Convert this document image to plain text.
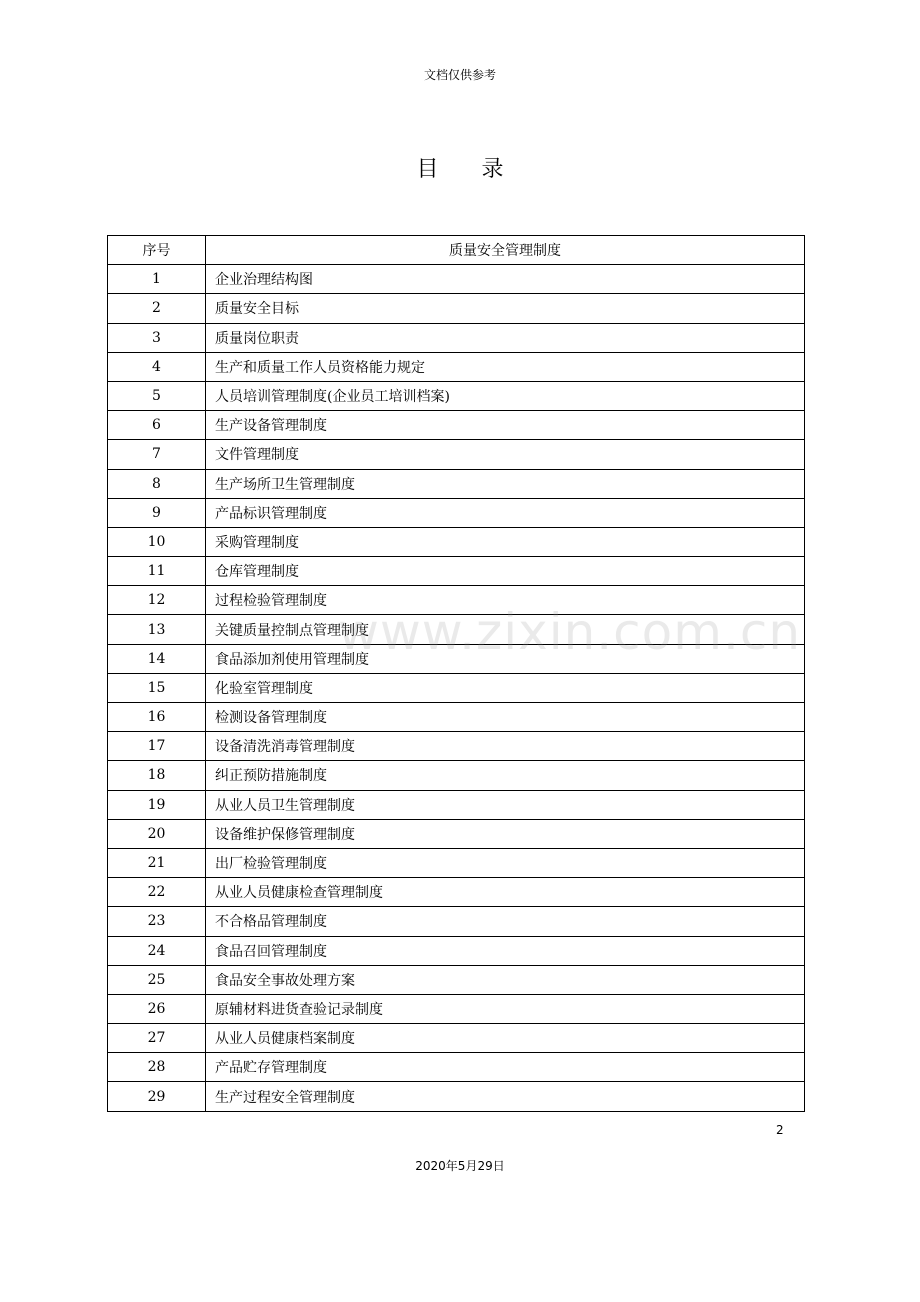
文档仅供参考
目 录
序号	质量安全管理制度
1	企业治理结构图
2	质量安全目标
3	质量岗位职责
4	生产和质量工作人员资格能力规定
5	人员培训管理制度(企业员工培训档案)
6	生产设备管理制度
7	文件管理制度
8	生产场所卫生管理制度
9	产品标识管理制度
10	采购管理制度
11	仓库管理制度
12	过程检验管理制度
13	关键质量控制点管理制度
14	食品添加剂使用管理制度
15	化验室管理制度
16	检测设备管理制度
17	设备清洗消毒管理制度
18	纠正预防措施制度
19	从业人员卫生管理制度
20	设备维护保修管理制度
21	出厂检验管理制度
22	从业人员健康检查管理制度
23	不合格品管理制度
24	食品召回管理制度
25	食品安全事故处理方案
26	原辅材料进货查验记录制度
27	从业人员健康档案制度
28	产品贮存管理制度
29	生产过程安全管理制度
www.zixin.com.cn
2
2020年5月29日
